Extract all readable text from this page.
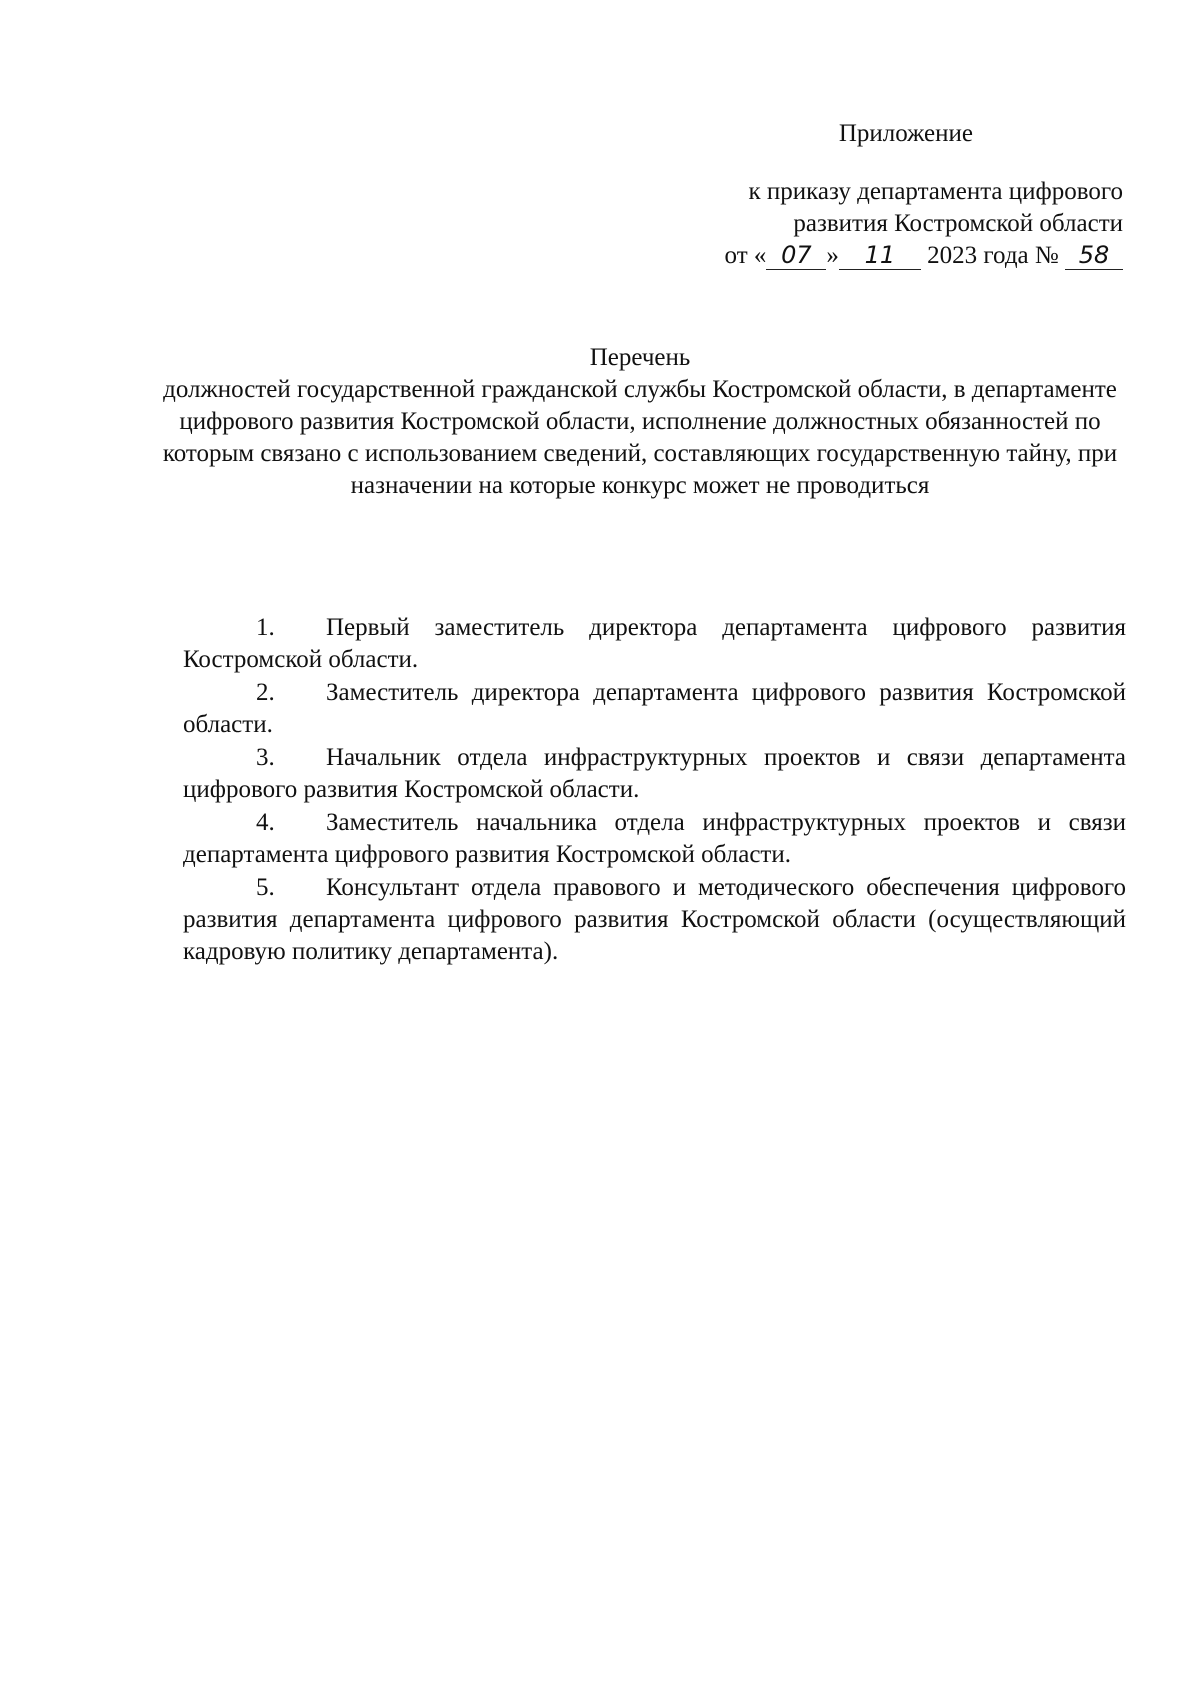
Приложение
к приказу департамента цифрового
развития Костромской области
от « 07 » 11 2023 года № 58
Перечень
должностей государственной гражданской службы Костромской области, в департаменте цифрового развития Костромской области, исполнение должностных обязанностей по которым связано с использованием сведений, составляющих государственную тайну, при назначении на которые конкурс может не проводиться
1. Первый заместитель директора департамента цифрового развития Костромской области.
2. Заместитель директора департамента цифрового развития Костромской области.
3. Начальник отдела инфраструктурных проектов и связи департамента цифрового развития Костромской области.
4. Заместитель начальника отдела инфраструктурных проектов и связи департамента цифрового развития Костромской области.
5. Консультант отдела правового и методического обеспечения цифрового развития департамента цифрового развития Костромской области (осуществляющий кадровую политику департамента).
